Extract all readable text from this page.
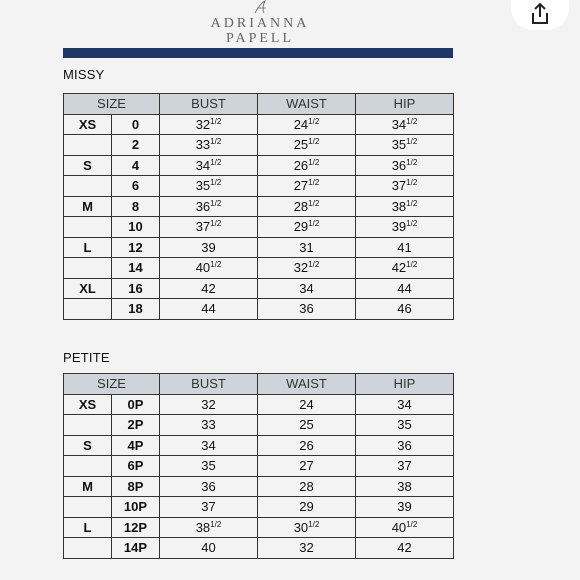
ADRIANNA
PAPELL
MISSY
SIZE		BUST	WAIST	HIP
XS	0	$32^{1/2}$	$24^{1/2}$	$34^{1/2}$
	2	$33^{1/2}$	$25^{1/2}$	$35^{1/2}$
S	4	$34^{1/2}$	$26^{1/2}$	$36^{1/2}$
	6	$35^{1/2}$	$27^{1/2}$	$37^{1/2}$
M	8	$36^{1/2}$	$28^{1/2}$	$38^{1/2}$
	10	$37^{1/2}$	$29^{1/2}$	$39^{1/2}$
L	12	39	31	41
	14	$40^{1/2}$	$32^{1/2}$	$42^{1/2}$
XL	16	42	34	44
	18	44	36	46
PETITE
SIZE		BUST	WAIST	HIP
XS	0P	32	24	34
	2P	33	25	35
S	4P	34	26	36
	6P	35	27	37
M	8P	36	28	38
	10P	37	29	39
L	12P	$38^{1/2}$	$30^{1/2}$	$40^{1/2}$
	14P	40	32	42
